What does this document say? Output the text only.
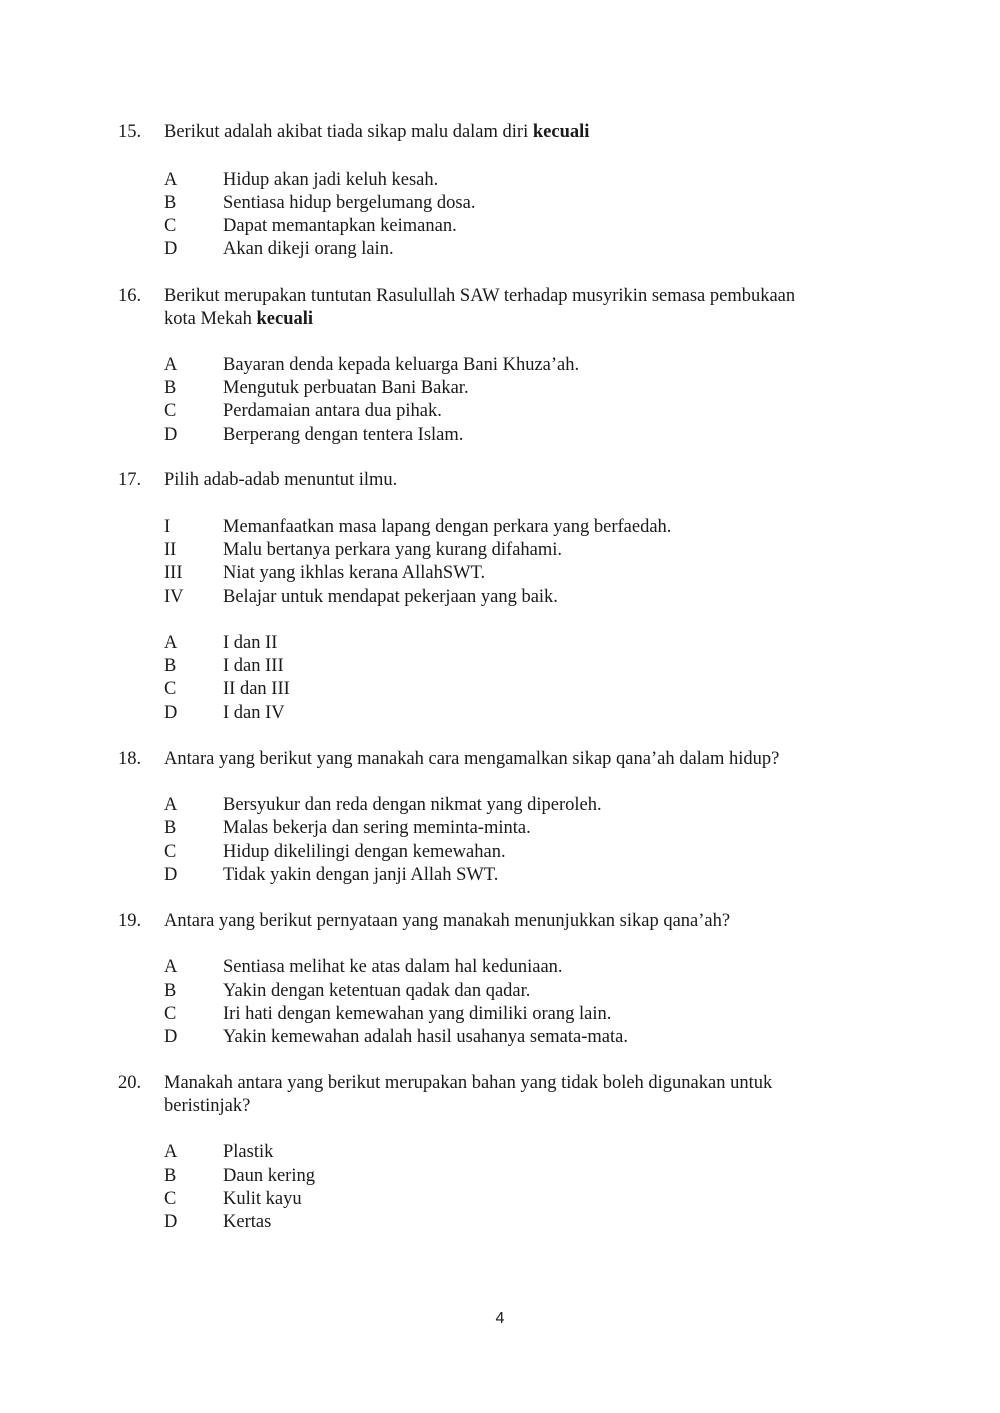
15. Berikut adalah akibat tiada sikap malu dalam diri kecuali
A Hidup akan jadi keluh kesah.
B	Sentiasa hidup bergelumang dosa.
C	Dapat memantapkan keimanan.
D Akan dikeji orang lain.
16. Berikut merupakan tuntutan Rasulullah SAW terhadap musyrikin semasa pembukaan
kota Mekah kecuali
A Bayaran denda kepada keluarga Bani Khuza’ah.
B	Mengutuk perbuatan Bani Bakar.
C	Perdamaian antara dua pihak.
D Berperang dengan tentera Islam.
17. Pilih adab-adab menuntut ilmu.
I	Memanfaatkan masa lapang dengan perkara yang berfaedah.
II	Malu bertanya perkara yang kurang difahami.
III Niat yang ikhlas kerana AllahSWT.
IV Belajar untuk mendapat pekerjaan yang baik.
A I dan II
B	I dan III
C	II dan III
D I dan IV
18. Antara yang berikut yang manakah cara mengamalkan sikap qana’ah dalam hidup?
A Bersyukur dan reda dengan nikmat yang diperoleh.
B	Malas bekerja dan sering meminta-minta.
C	Hidup dikelilingi dengan kemewahan.
D Tidak yakin dengan janji Allah SWT.
19. Antara yang berikut pernyataan yang manakah menunjukkan sikap qana’ah?
A Sentiasa melihat ke atas dalam hal keduniaan.
B	Yakin dengan ketentuan qadak dan qadar.
C	Iri hati dengan kemewahan yang dimiliki orang lain.
D Yakin kemewahan adalah hasil usahanya semata-mata.
20. Manakah antara yang berikut merupakan bahan yang tidak boleh digunakan untuk
beristinjak?
A Plastik
B	Daun kering
C	Kulit kayu
D Kertas
4
